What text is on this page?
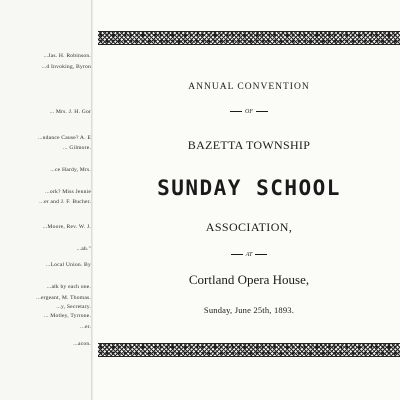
...Jas. H. Robinson.
...d Invoking, Byron
... Mrs. J. H. Gor
...ndance Cause? A. E
... Gilmore.
...ce Hardy, Mrs.
...ork? Miss Jennie
...er and J. F. Bucher.
...Moore, Rev. W. J.
...ah."
...Local Union. By
...alk by each one.
...ergeant, M. Thomas.
...y, Secretary.
... Motley, Tyrrone.
...er.
...acon.
ANNUAL CONVENTION
OF
BAZETTA TOWNSHIP
SUNDAY SCHOOL
ASSOCIATION,
AT
Cortland Opera House,
Sunday, June 25th, 1893.
